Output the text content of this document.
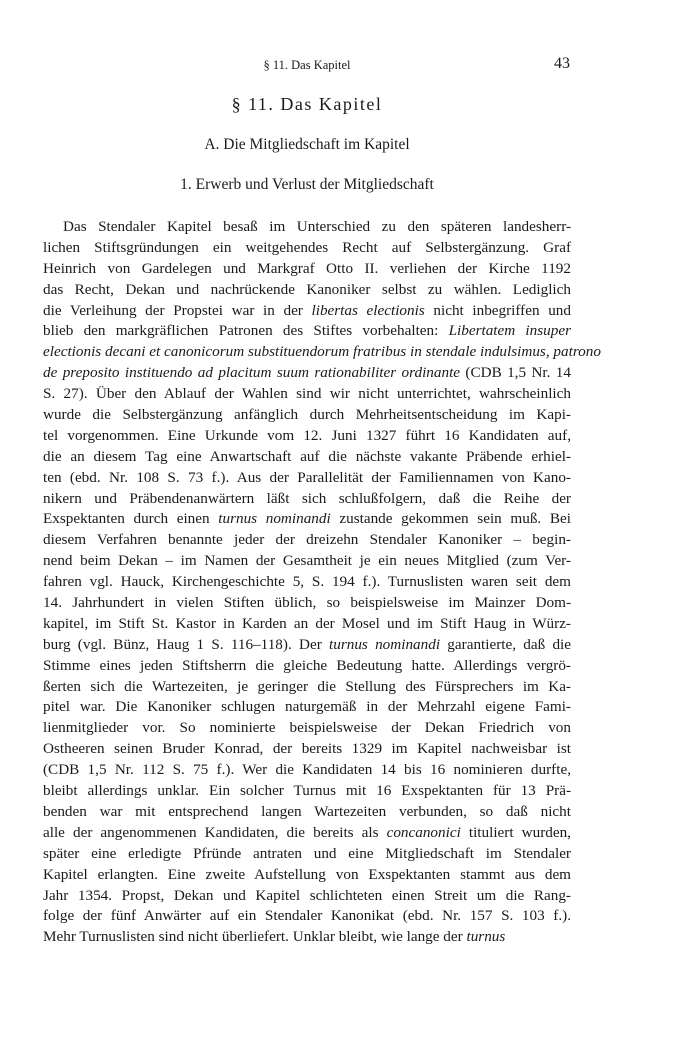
§ 11. Das Kapitel	43
§ 11. Das Kapitel
A. Die Mitgliedschaft im Kapitel
1. Erwerb und Verlust der Mitgliedschaft
Das Stendaler Kapitel besaß im Unterschied zu den späteren landesherr-
lichen Stiftsgründungen ein weitgehendes Recht auf Selbstergänzung. Graf
Heinrich von Gardelegen und Markgraf Otto II. verliehen der Kirche 1192
das Recht, Dekan und nachrückende Kanoniker selbst zu wählen. Lediglich
die Verleihung der Propstei war in der libertas electionis nicht inbegriffen und
blieb den markgräflichen Patronen des Stiftes vorbehalten: Libertatem insuper
electionis decani et canonicorum substituendorum fratribus in stendale indulsimus, patrono
de preposito instituendo ad placitum suum rationabiliter ordinante (CDB 1,5 Nr. 14
S. 27). Über den Ablauf der Wahlen sind wir nicht unterrichtet, wahrscheinlich
wurde die Selbstergänzung anfänglich durch Mehrheitsentscheidung im Kapi-
tel vorgenommen. Eine Urkunde vom 12. Juni 1327 führt 16 Kandidaten auf,
die an diesem Tag eine Anwartschaft auf die nächste vakante Präbende erhiel-
ten (ebd. Nr. 108 S. 73 f.). Aus der Parallelität der Familiennamen von Kano-
nikern und Präbendenanwärtern läßt sich schlußfolgern, daß die Reihe der
Exspektanten durch einen turnus nominandi zustande gekommen sein muß. Bei
diesem Verfahren benannte jeder der dreizehn Stendaler Kanoniker – begin-
nend beim Dekan – im Namen der Gesamtheit je ein neues Mitglied (zum Ver-
fahren vgl. Hauck, Kirchengeschichte 5, S. 194 f.). Turnuslisten waren seit dem
14. Jahrhundert in vielen Stiften üblich, so beispielsweise im Mainzer Dom-
kapitel, im Stift St. Kastor in Karden an der Mosel und im Stift Haug in Würz-
burg (vgl. Bünz, Haug 1 S. 116–118). Der turnus nominandi garantierte, daß die
Stimme eines jeden Stiftsherrn die gleiche Bedeutung hatte. Allerdings vergrö-
ßerten sich die Wartezeiten, je geringer die Stellung des Fürsprechers im Ka-
pitel war. Die Kanoniker schlugen naturgemäß in der Mehrzahl eigene Fami-
lienmitglieder vor. So nominierte beispielsweise der Dekan Friedrich von
Ostheeren seinen Bruder Konrad, der bereits 1329 im Kapitel nachweisbar ist
(CDB 1,5 Nr. 112 S. 75 f.). Wer die Kandidaten 14 bis 16 nominieren durfte,
bleibt allerdings unklar. Ein solcher Turnus mit 16 Exspektanten für 13 Prä-
benden war mit entsprechend langen Wartezeiten verbunden, so daß nicht
alle der angenommenen Kandidaten, die bereits als concanonici tituliert wurden,
später eine erledigte Pfründe antraten und eine Mitgliedschaft im Stendaler
Kapitel erlangten. Eine zweite Aufstellung von Exspektanten stammt aus dem
Jahr 1354. Propst, Dekan und Kapitel schlichteten einen Streit um die Rang-
folge der fünf Anwärter auf ein Stendaler Kanonikat (ebd. Nr. 157 S. 103 f.).
Mehr Turnuslisten sind nicht überliefert. Unklar bleibt, wie lange der turnus
